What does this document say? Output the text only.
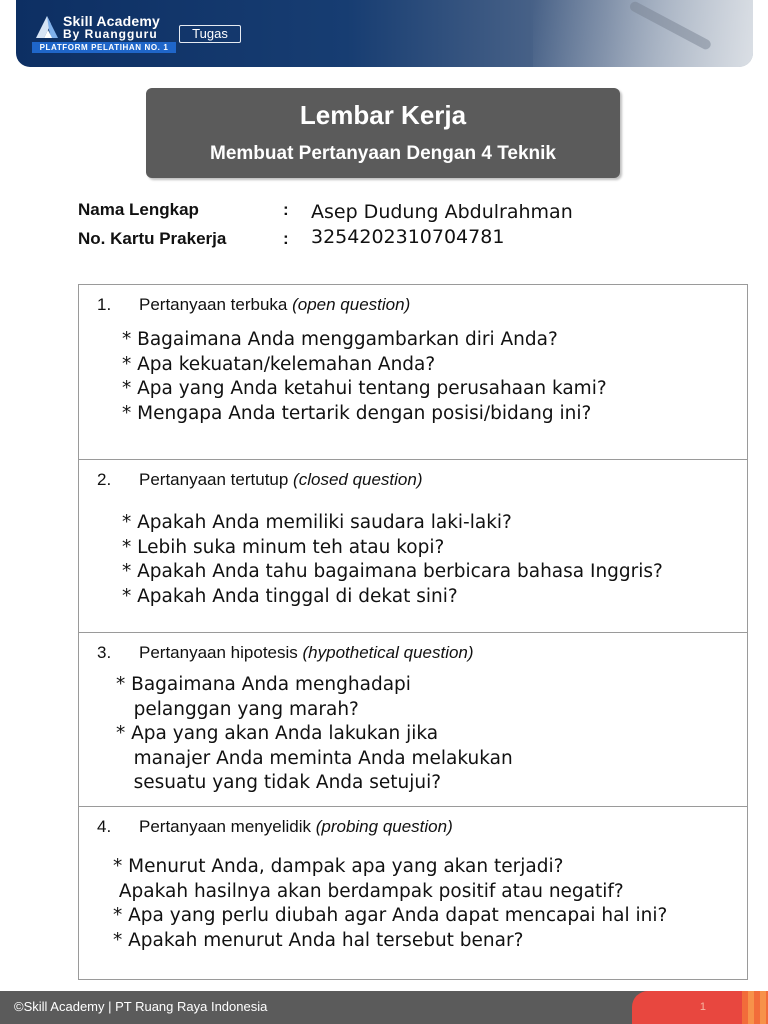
Skill Academy
By Ruangguru
PLATFORM PELATIHAN NO. 1
Tugas
Lembar Kerja
Membuat Pertanyaan Dengan 4 Teknik
Nama Lengkap	: Asep Dudung Abdulrahman
No. Kartu Prakerja	: 3254202310704781
1. Pertanyaan terbuka (open question)
* Bagaimana Anda menggambarkan diri Anda?
* Apa kekuatan/kelemahan Anda?
* Apa yang Anda ketahui tentang perusahaan kami?
* Mengapa Anda tertarik dengan posisi/bidang ini?
2. Pertanyaan tertutup (closed question)
* Apakah Anda memiliki saudara laki-laki?
* Lebih suka minum teh atau kopi?
* Apakah Anda tahu bagaimana berbicara bahasa Inggris?
* Apakah Anda tinggal di dekat sini?
3. Pertanyaan hipotesis (hypothetical question)
* Bagaimana Anda menghadapi
pelanggan yang marah?
* Apa yang akan Anda lakukan jika
manajer Anda meminta Anda melakukan
sesuatu yang tidak Anda setujui?
4. Pertanyaan menyelidik (probing question)
* Menurut Anda, dampak apa yang akan terjadi?
Apakah hasilnya akan berdampak positif atau negatif?
* Apa yang perlu diubah agar Anda dapat mencapai hal ini?
* Apakah menurut Anda hal tersebut benar?
©Skill Academy | PT Ruang Raya Indonesia	1
